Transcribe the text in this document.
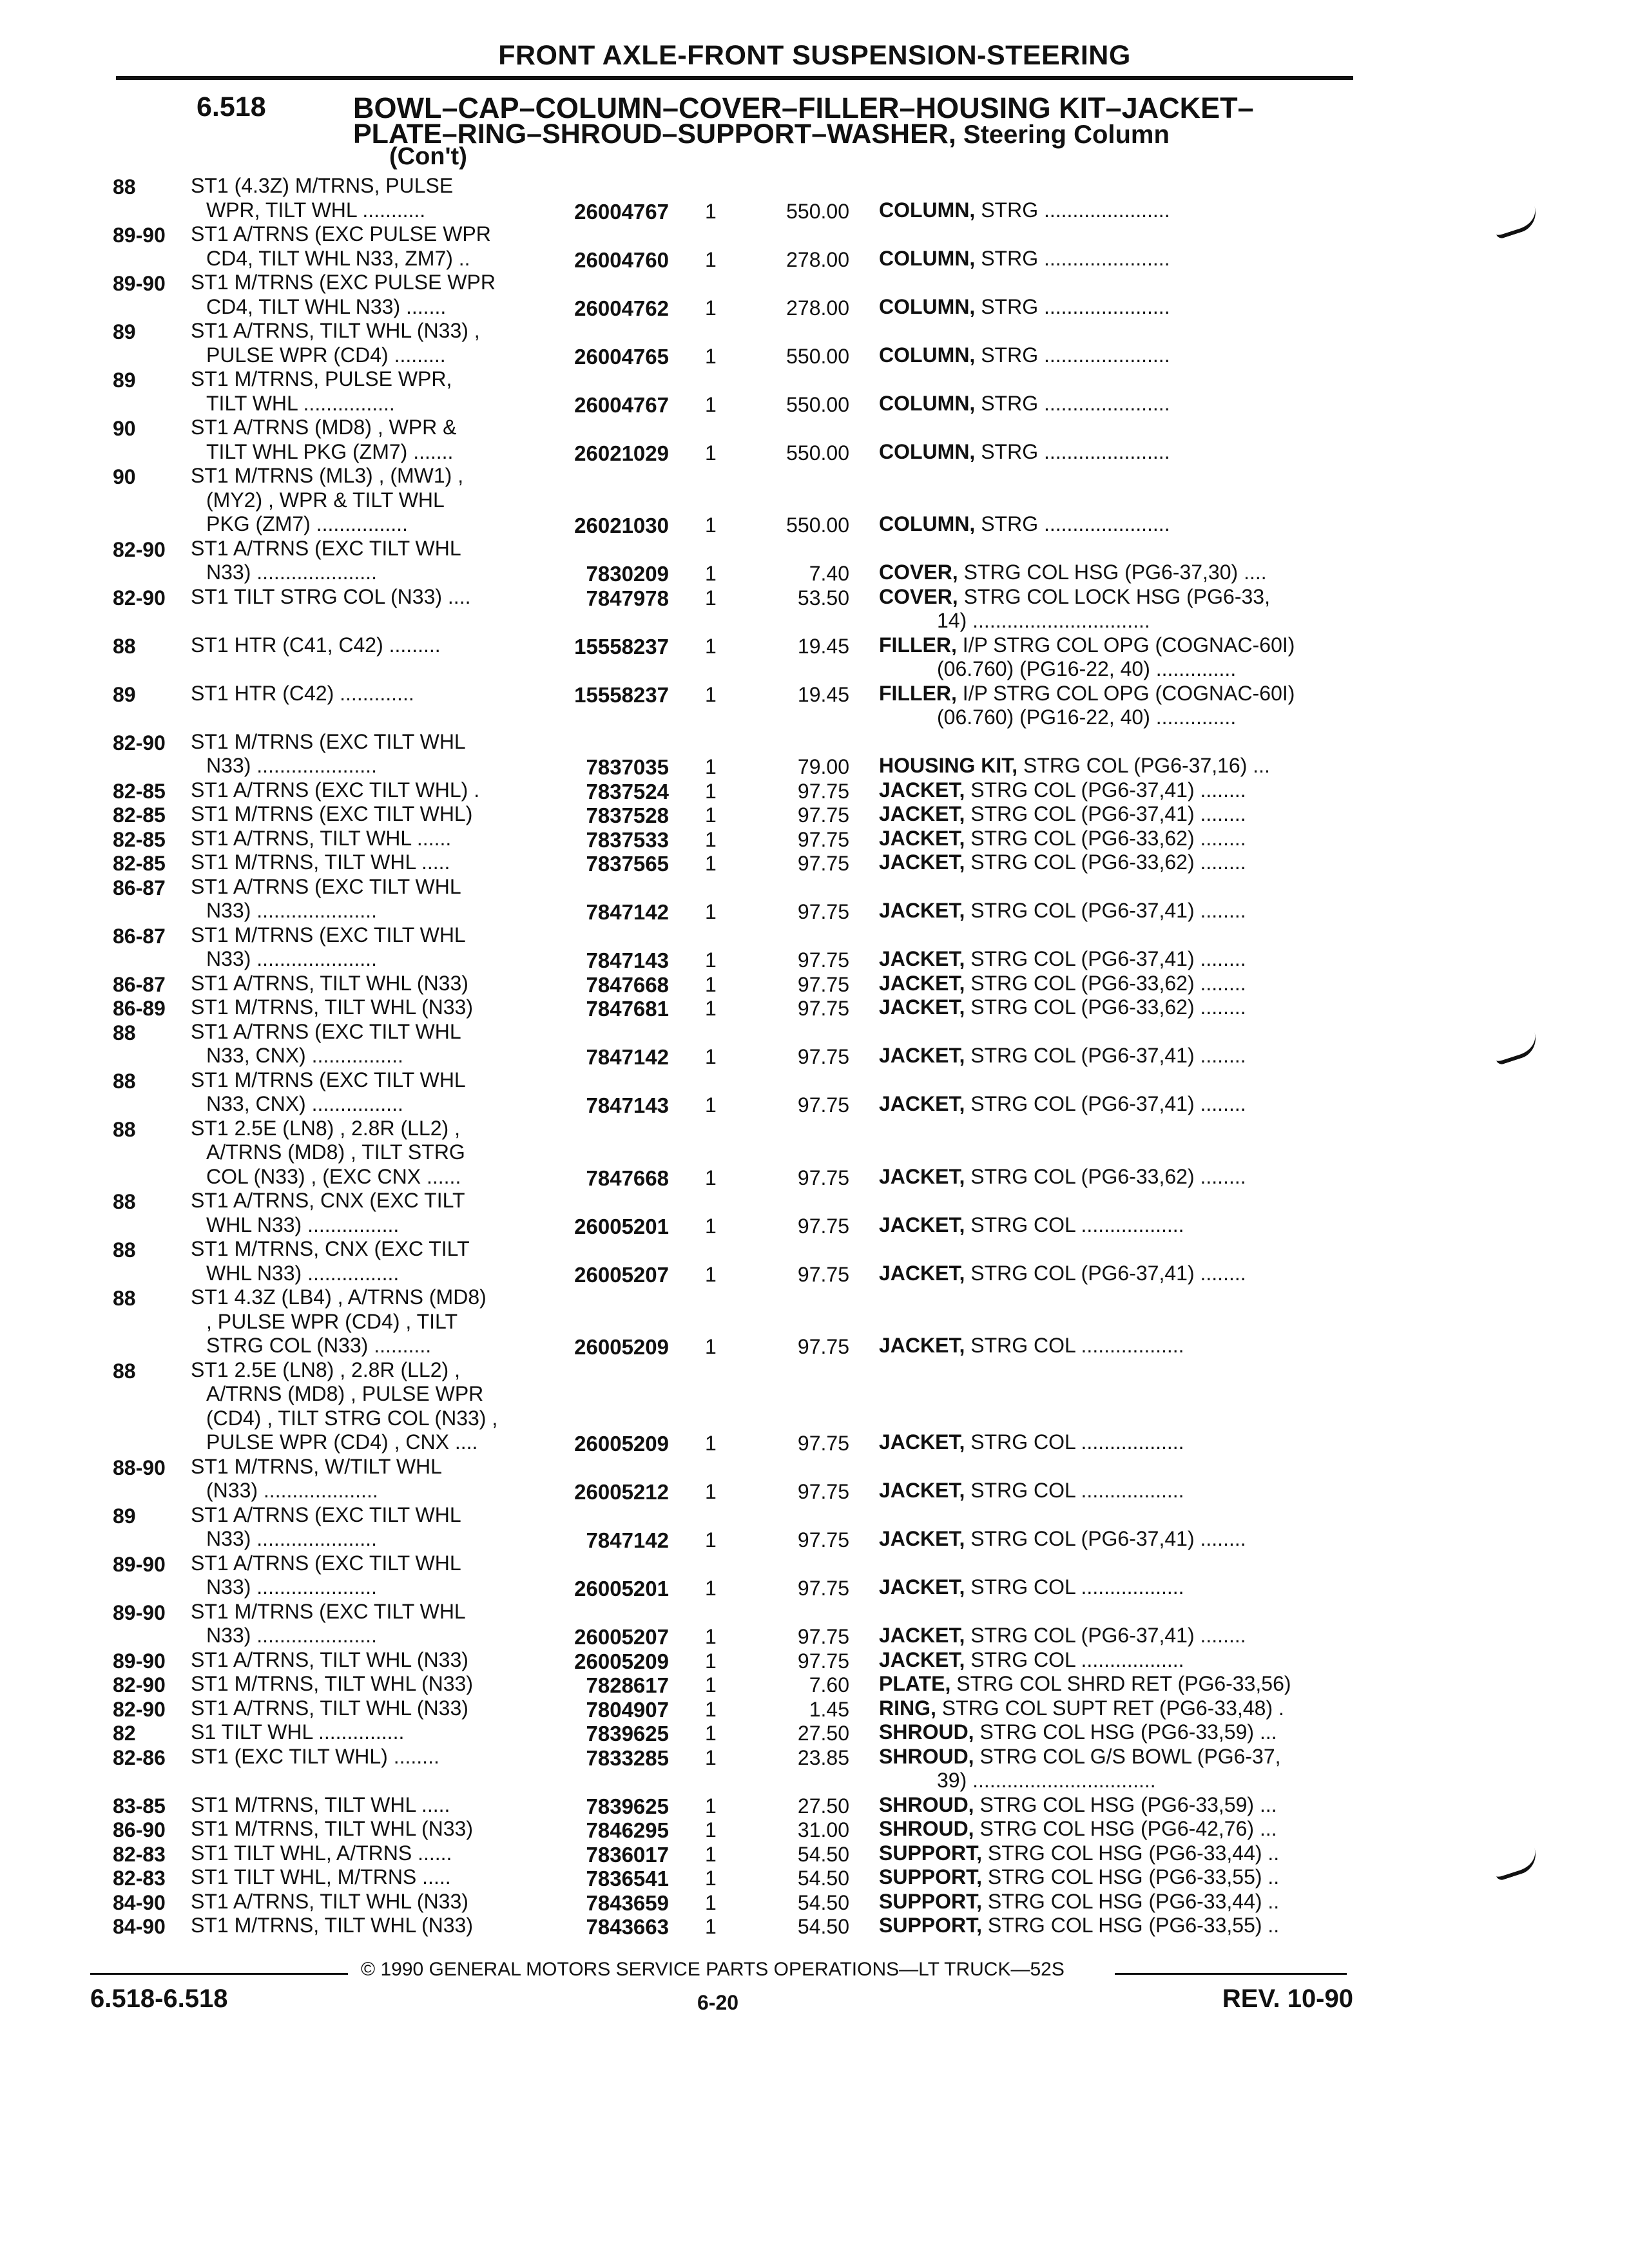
FRONT AXLE-FRONT SUSPENSION-STEERING
6.518	BOWL–CAP–COLUMN–COVER–FILLER–HOUSING KIT–JACKET–
PLATE–RING–SHROUD–SUPPORT–WASHER, Steering Column
(Con't)
88	ST1 (4.3Z) M/TRNS, PULSE
WPR, TILT WHL ...........	26004767 1	550.00 COLUMN, STRG ......................
89-90 ST1 A/TRNS (EXC PULSE WPR
CD4, TILT WHL N33, ZM7) ..	26004760 1	278.00 COLUMN, STRG ......................
89-90 ST1 M/TRNS (EXC PULSE WPR
CD4, TILT WHL N33) .......	26004762 1	278.00 COLUMN, STRG ......................
89	ST1 A/TRNS, TILT WHL (N33) ,
PULSE WPR (CD4) .........	26004765 1	550.00 COLUMN, STRG ......................
89	ST1 M/TRNS, PULSE WPR,
TILT WHL ................	26004767 1	550.00 COLUMN, STRG ......................
90	ST1 A/TRNS (MD8) , WPR &
TILT WHL PKG (ZM7) .......	26021029 1	550.00 COLUMN, STRG ......................
90	ST1 M/TRNS (ML3) , (MW1) ,
(MY2) , WPR & TILT WHL
PKG (ZM7) ................	26021030 1	550.00 COLUMN, STRG ......................
82-90 ST1 A/TRNS (EXC TILT WHL
N33) .....................	7830209 1	7.40 COVER, STRG COL HSG (PG6-37,30) ....
82-90 ST1 TILT STRG COL (N33) ....	7847978 1	53.50 COVER, STRG COL LOCK HSG (PG6-33,
14) ...............................
88	ST1 HTR (C41, C42) .........	15558237 1	19.45 FILLER, I/P STRG COL OPG (COGNAC-60I)
(06.760) (PG16-22, 40) ..............
89	ST1 HTR (C42) .............	15558237 1	19.45 FILLER, I/P STRG COL OPG (COGNAC-60I)
(06.760) (PG16-22, 40) ..............
82-90 ST1 M/TRNS (EXC TILT WHL
N33) .....................	7837035 1	79.00 HOUSING KIT, STRG COL (PG6-37,16) ...
82-85 ST1 A/TRNS (EXC TILT WHL) .	7837524 1	97.75 JACKET, STRG COL (PG6-37,41) ........
82-85 ST1 M/TRNS (EXC TILT WHL)	7837528 1	97.75 JACKET, STRG COL (PG6-37,41) ........
82-85 ST1 A/TRNS, TILT WHL ......	7837533 1	97.75 JACKET, STRG COL (PG6-33,62) ........
82-85 ST1 M/TRNS, TILT WHL .....	7837565 1	97.75 JACKET, STRG COL (PG6-33,62) ........
86-87 ST1 A/TRNS (EXC TILT WHL
N33) .....................	7847142 1	97.75 JACKET, STRG COL (PG6-37,41) ........
86-87 ST1 M/TRNS (EXC TILT WHL
N33) .....................	7847143 1	97.75 JACKET, STRG COL (PG6-37,41) ........
86-87 ST1 A/TRNS, TILT WHL (N33)	7847668 1	97.75 JACKET, STRG COL (PG6-33,62) ........
86-89 ST1 M/TRNS, TILT WHL (N33)	7847681 1	97.75 JACKET, STRG COL (PG6-33,62) ........
88	ST1 A/TRNS (EXC TILT WHL
N33, CNX) ................	7847142 1	97.75 JACKET, STRG COL (PG6-37,41) ........
88	ST1 M/TRNS (EXC TILT WHL
N33, CNX) ................	7847143 1	97.75 JACKET, STRG COL (PG6-37,41) ........
88	ST1 2.5E (LN8) , 2.8R (LL2) ,
A/TRNS (MD8) , TILT STRG
COL (N33) , (EXC CNX ......	7847668 1	97.75 JACKET, STRG COL (PG6-33,62) ........
88	ST1 A/TRNS, CNX (EXC TILT
WHL N33) ................	26005201 1	97.75 JACKET, STRG COL ..................
88	ST1 M/TRNS, CNX (EXC TILT
WHL N33) ................	26005207 1	97.75 JACKET, STRG COL (PG6-37,41) ........
88	ST1 4.3Z (LB4) , A/TRNS (MD8)
, PULSE WPR (CD4) , TILT
STRG COL (N33) ..........	26005209 1	97.75 JACKET, STRG COL ..................
88	ST1 2.5E (LN8) , 2.8R (LL2) ,
A/TRNS (MD8) , PULSE WPR
(CD4) , TILT STRG COL (N33) ,
PULSE WPR (CD4) , CNX ....	26005209 1	97.75 JACKET, STRG COL ..................
88-90 ST1 M/TRNS, W/TILT WHL
(N33) ....................	26005212 1	97.75 JACKET, STRG COL ..................
89	ST1 A/TRNS (EXC TILT WHL
N33) .....................	7847142 1	97.75 JACKET, STRG COL (PG6-37,41) ........
89-90 ST1 A/TRNS (EXC TILT WHL
N33) .....................	26005201 1	97.75 JACKET, STRG COL ..................
89-90 ST1 M/TRNS (EXC TILT WHL
N33) .....................	26005207 1	97.75 JACKET, STRG COL (PG6-37,41) ........
89-90 ST1 A/TRNS, TILT WHL (N33)	26005209 1	97.75 JACKET, STRG COL ..................
82-90 ST1 M/TRNS, TILT WHL (N33)	7828617 1	7.60 PLATE, STRG COL SHRD RET (PG6-33,56)
82-90 ST1 A/TRNS, TILT WHL (N33)	7804907 1	1.45 RING, STRG COL SUPT RET (PG6-33,48) .
82	S1 TILT WHL ...............	7839625 1	27.50 SHROUD, STRG COL HSG (PG6-33,59) ...
82-86 ST1 (EXC TILT WHL) ........	7833285 1	23.85 SHROUD, STRG COL G/S BOWL (PG6-37,
39) ................................
83-85 ST1 M/TRNS, TILT WHL .....	7839625 1	27.50 SHROUD, STRG COL HSG (PG6-33,59) ...
86-90 ST1 M/TRNS, TILT WHL (N33)	7846295 1	31.00 SHROUD, STRG COL HSG (PG6-42,76) ...
82-83 ST1 TILT WHL, A/TRNS ......	7836017 1	54.50 SUPPORT, STRG COL HSG (PG6-33,44) ..
82-83 ST1 TILT WHL, M/TRNS .....	7836541 1	54.50 SUPPORT, STRG COL HSG (PG6-33,55) ..
84-90 ST1 A/TRNS, TILT WHL (N33)	7843659 1	54.50 SUPPORT, STRG COL HSG (PG6-33,44) ..
84-90 ST1 M/TRNS, TILT WHL (N33)	7843663 1	54.50 SUPPORT, STRG COL HSG (PG6-33,55) ..
© 1990 GENERAL MOTORS SERVICE PARTS OPERATIONS—LT TRUCK—52S
6.518-6.518	6-20	REV. 10-90
